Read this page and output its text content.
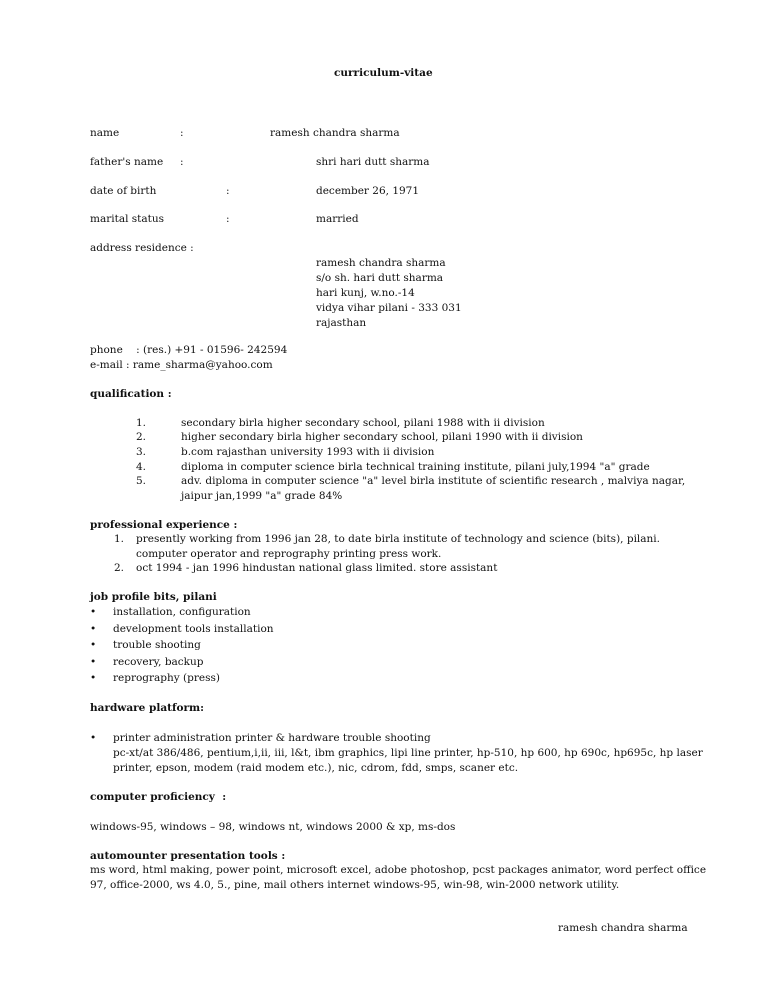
curriculum-vitae
name	:	ramesh chandra sharma
father's name :	shri hari dutt sharma
date of birth	:	december 26, 1971
marital status	:	married
address residence :
ramesh chandra sharma
s/o sh. hari dutt sharma
hari kunj, w.no.-14
vidya vihar pilani - 333 031
rajasthan
phone    : (res.) +91 - 01596- 242594
e-mail : rame_sharma@yahoo.com
qualification :
1.	secondary birla higher secondary school, pilani 1988 with ii division
2.	higher secondary birla higher secondary school, pilani 1990 with ii division
3.	b.com rajasthan university 1993 with ii division
4.	diploma in computer science birla technical training institute, pilani july,1994 "a" grade
5.	adv. diploma in computer science "a" level birla institute of scientific research , malviya nagar,
jaipur jan,1999 "a" grade 84%
professional experience :
1. presently working from 1996 jan 28, to date birla institute of technology and science (bits), pilani.
computer operator and reprography printing press work.
2. oct 1994 - jan 1996 hindustan national glass limited. store assistant
job profile bits, pilani
• installation, configuration
• development tools installation
• trouble shooting
• recovery, backup
• reprography (press)
hardware platform:
• printer administration printer & hardware trouble shooting
pc-xt/at 386/486, pentium,i,ii, iii, l&t, ibm graphics, lipi line printer, hp-510, hp 600, hp 690c, hp695c, hp laser
printer, epson, modem (raid modem etc.), nic, cdrom, fdd, smps, scaner etc.
computer proficiency  :
windows-95, windows – 98, windows nt, windows 2000 & xp, ms-dos
automounter presentation tools :
ms word, html making, power point, microsoft excel, adobe photoshop, pcst packages animator, word perfect office
97, office-2000, ws 4.0, 5., pine, mail others internet windows-95, win-98, win-2000 network utility.
ramesh chandra sharma
